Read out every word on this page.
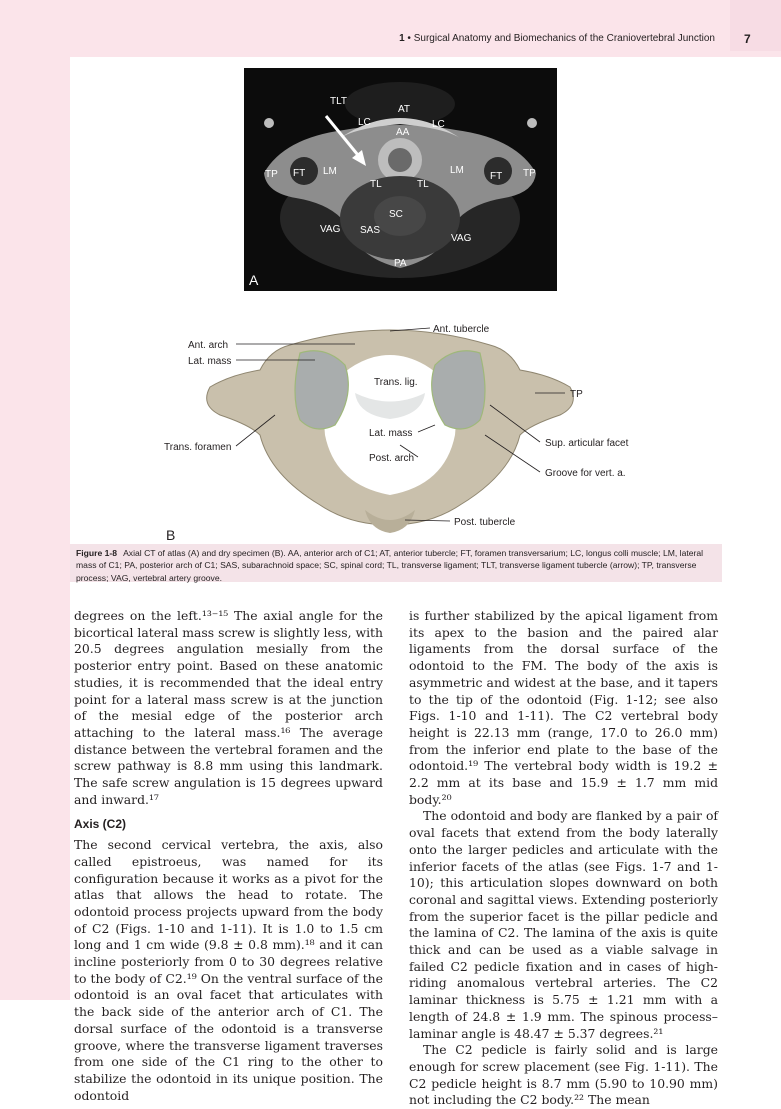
1 • Surgical Anatomy and Biomechanics of the Craniovertebral Junction 7
TLT
AT
AA
LC	LC
TP FT LM
TL	TL
LM
FT TP
SC
VAG SAS
VAG
PA
A
Ant. arch
Lat. mass
Ant. tubercle
Trans. lig.
TP
Lat. mass
Sup. articular facet
Trans. foramen
Post. arch
Groove for vert. a.
Post. tubercle
B
Figure 1-8 Axial CT of atlas (A) and dry specimen (B). AA, anterior arch of C1; AT, anterior tubercle; FT, foramen transversarium; LC, longus colli muscle; LM, lateral mass of C1; PA, posterior arch of C1; SAS, subarachnoid space; SC, spinal cord; TL, transverse ligament; TLT, transverse ligament tubercle (arrow); TP, transverse process; VAG, vertebral artery groove.

degrees on the left.¹³⁻¹⁵ The axial angle for the bicortical lateral mass screw is slightly less, with 20.5 degrees angulation mesially from the posterior entry point. Based on these anatomic studies, it is recommended that the ideal entry point for a lateral mass screw is at the junction of the mesial edge of the posterior arch attaching to the lateral mass.¹⁶ The average distance between the vertebral foramen and the screw pathway is 8.8 mm using this landmark. The safe screw angulation is 15 degrees upward and inward.¹⁷

Axis (C2)

The second cervical vertebra, the axis, also called epistroeus, was named for its configuration because it works as a pivot for the atlas that allows the head to rotate. The odontoid process projects upward from the body of C2 (Figs. 1-10 and 1-11). It is 1.0 to 1.5 cm long and 1 cm wide (9.8 ± 0.8 mm).¹⁸ and it can incline posteriorly from 0 to 30 degrees relative to the body of C2.¹⁹ On the ventral surface of the odontoid is an oval facet that articulates with the back side of the anterior arch of C1. The dorsal surface of the odontoid is a transverse groove, where the transverse ligament traverses from one side of the C1 ring to the other to stabilize the odontoid in its unique position. The odontoid

is further stabilized by the apical ligament from its apex to the basion and the paired alar ligaments from the dorsal surface of the odontoid to the FM. The body of the axis is asymmetric and widest at the base, and it tapers to the tip of the odontoid (Fig. 1-12; see also Figs. 1-10 and 1-11). The C2 vertebral body height is 22.13 mm (range, 17.0 to 26.0 mm) from the inferior end plate to the base of the odontoid.¹⁹ The vertebral body width is 19.2 ± 2.2 mm at its base and 15.9 ± 1.7 mm mid body.²⁰

The odontoid and body are flanked by a pair of oval facets that extend from the body laterally onto the larger pedicles and articulate with the inferior facets of the atlas (see Figs. 1-7 and 1-10); this articulation slopes downward on both coronal and sagittal views. Extending posteriorly from the superior facet is the pillar pedicle and the lamina of C2. The lamina of the axis is quite thick and can be used as a viable salvage in failed C2 pedicle fixation and in cases of high-riding anomalous vertebral arteries. The C2 laminar thickness is 5.75 ± 1.21 mm with a length of 24.8 ± 1.9 mm. The spinous process–laminar angle is 48.47 ± 5.37 degrees.²¹

The C2 pedicle is fairly solid and is large enough for screw placement (see Fig. 1-11). The C2 pedicle height is 8.7 mm (5.90 to 10.90 mm) not including the C2 body.²² The mean
